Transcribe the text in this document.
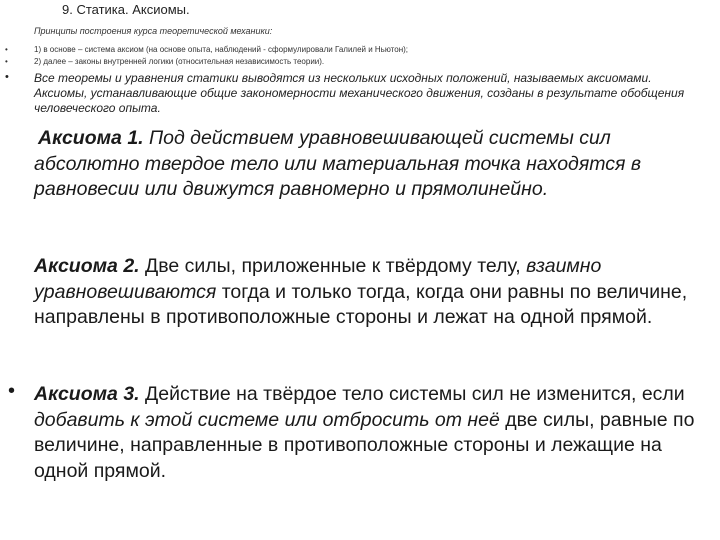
9. Статика. Аксиомы.
Принципы построения курса теоретической механики:
•	1) в основе – система аксиом (на основе опыта, наблюдений - сформулировали Галилей и Ньютон);
•	2) далее – законы внутренней логики (относительная независимость теории).
• Все теоремы и уравнения статики выводятся из нескольких исходных положений, называемых аксиомами. Аксиомы, устанавливающие общие закономерности механического движения, созданы в результате обобщения человеческого опыта.
Аксиома 1. Под действием уравновешивающей системы сил абсолютно твердое тело или материальная точка находятся в равновесии или движутся равномерно и прямолинейно.
Аксиома 2. Две силы, приложенные к твёрдому телу, взаимно уравновешиваются тогда и только тогда, когда они равны по величине, направлены в противоположные стороны и лежат на одной прямой.
• Аксиома 3. Действие на твёрдое тело системы сил не изменится, если добавить к этой системе или отбросить от неё две силы, равные по величине, направленные в противоположные стороны и лежащие на одной прямой.
